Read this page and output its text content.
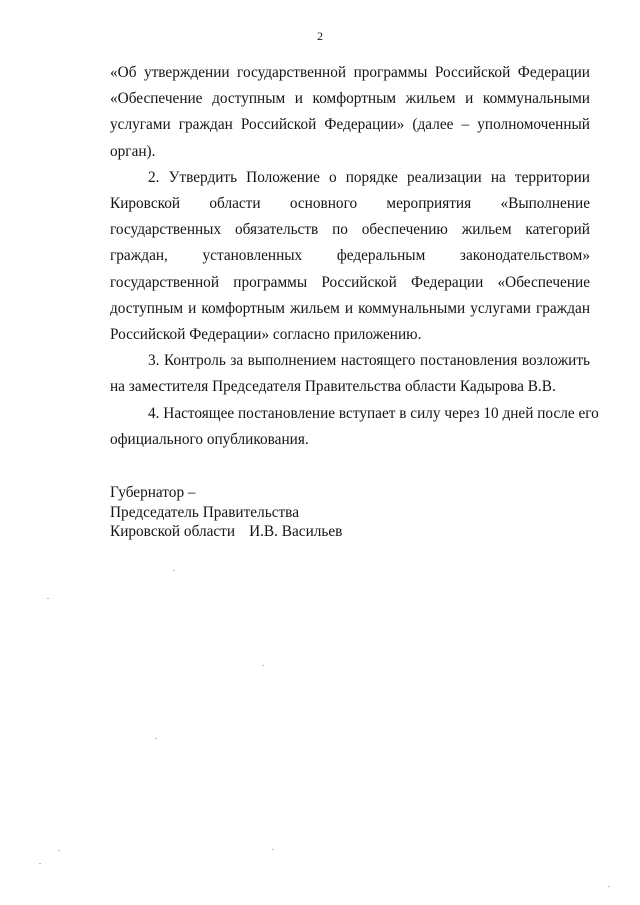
2

«Об утверждении государственной программы Российской Федерации
«Обеспечение доступным и комфортным жильем и коммунальными
услугами граждан Российской Федерации» (далее – уполномоченный
орган).

2. Утвердить Положение о порядке реализации на территории
Кировской области основного мероприятия «Выполнение
государственных обязательств по обеспечению жильем категорий
граждан, установленных федеральным законодательством»
государственной программы Российской Федерации «Обеспечение
доступным и комфортным жильем и коммунальными услугами граждан
Российской Федерации» согласно приложению.

3. Контроль за выполнением настоящего постановления возложить
на заместителя Председателя Правительства области Кадырова В.В.

4. Настоящее постановление вступает в силу через 10 дней после его
официального опубликования.

Губернатор –
Председатель Правительства
Кировской области И.В. Васильев
